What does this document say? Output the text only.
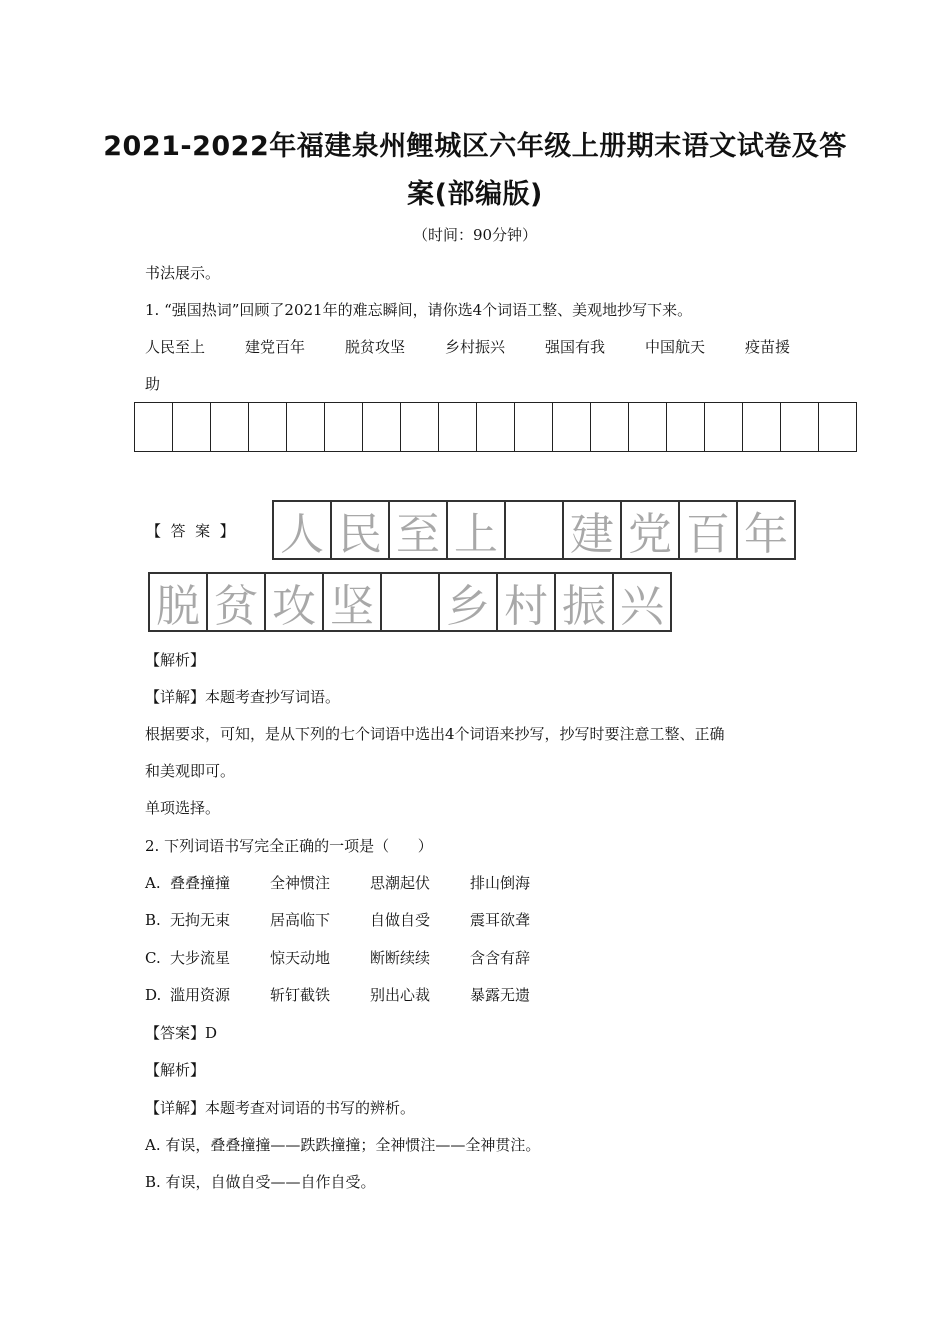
2021-2022年福建泉州鲤城区六年级上册期末语文试卷及答
案(部编版)
（时间：90分钟）
书法展示。
1. “强国热词”回顾了2021年的难忘瞬间，请你选4个词语工整、美观地抄写下来。
人民至上	建党百年	脱贫攻坚	乡村振兴	强国有我	中国航天	疫苗援
助
【  答  案  】 人 民 至 上 建 党 百 年
脱 贫 攻 坚 乡 村 振 兴
【解析】
【详解】本题考查抄写词语。
根据要求，可知，是从下列的七个词语中选出4个词语来抄写，抄写时要注意工整、正确
和美观即可。
单项选择。
2. 下列词语书写完全正确的一项是（      ）
A. 叠叠撞撞	全神惯注	思潮起伏	排山倒海
B. 无拘无束	居高临下	自做自受	震耳欲聋
C. 大步流星	惊天动地	断断续续	含含有辞
D. 滥用资源	斩钉截铁	别出心裁	暴露无遗
【答案】D
【解析】
【详解】本题考查对词语的书写的辨析。
A. 有误，叠叠撞撞——跌跌撞撞；全神惯注——全神贯注。
B. 有误，自做自受——自作自受。
